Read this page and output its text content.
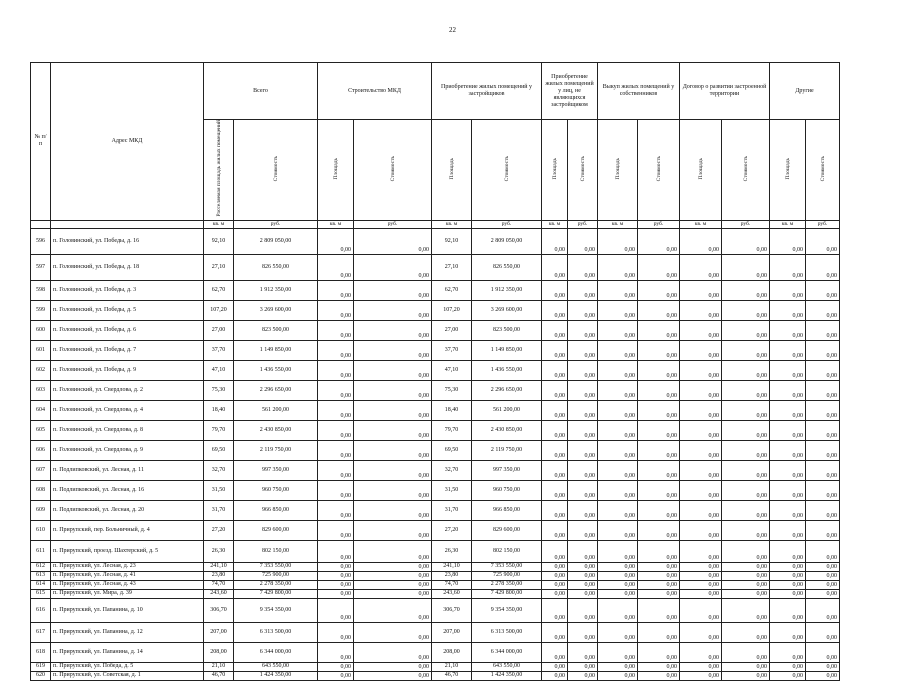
22
№ п/п	Адрес МКД	Всего		Строительство МКД		Приобретение жилых помещений у застройщиков		Приобретение жилых помещений у лиц, не являющихся застройщиком		Выкуп жилых помещений у собственников		Договор о развитии застроенной территории		Другие	
		Расселяемая площадь жилых помещений	Стоимость	Площадь	Стоимость	Площадь	Стоимость	Площадь	Стоимость	Площадь	Стоимость	Площадь	Стоимость	Площадь	Стоимость
		кв. м	руб.	кв. м	руб.	кв. м	руб.	кв. м	руб.	кв. м	руб.	кв. м	руб.	кв. м	руб.
596	п. Головинский, ул. Победы, д. 16	92,10	2 809 050,00	0,00	0,00	92,10	2 809 050,00	0,00	0,00	0,00	0,00	0,00	0,00	0,00	0,00
597	п. Головинский, ул. Победы, д. 18	27,10	826 550,00	0,00	0,00	27,10	826 550,00	0,00	0,00	0,00	0,00	0,00	0,00	0,00	0,00
598	п. Головинский, ул. Победы, д. 3	62,70	1 912 350,00	0,00	0,00	62,70	1 912 350,00	0,00	0,00	0,00	0,00	0,00	0,00	0,00	0,00
599	п. Головинский, ул. Победы, д. 5	107,20	3 269 600,00	0,00	0,00	107,20	3 269 600,00	0,00	0,00	0,00	0,00	0,00	0,00	0,00	0,00
600	п. Головинский, ул. Победы, д. 6	27,00	823 500,00	0,00	0,00	27,00	823 500,00	0,00	0,00	0,00	0,00	0,00	0,00	0,00	0,00
601	п. Головинский, ул. Победы, д. 7	37,70	1 149 850,00	0,00	0,00	37,70	1 149 850,00	0,00	0,00	0,00	0,00	0,00	0,00	0,00	0,00
602	п. Головинский, ул. Победы, д. 9	47,10	1 436 550,00	0,00	0,00	47,10	1 436 550,00	0,00	0,00	0,00	0,00	0,00	0,00	0,00	0,00
603	п. Головинский, ул. Свердлова, д. 2	75,30	2 296 650,00	0,00	0,00	75,30	2 296 650,00	0,00	0,00	0,00	0,00	0,00	0,00	0,00	0,00
604	п. Головинский, ул. Свердлова, д. 4	18,40	561 200,00	0,00	0,00	18,40	561 200,00	0,00	0,00	0,00	0,00	0,00	0,00	0,00	0,00
605	п. Головинский, ул. Свердлова, д. 8	79,70	2 430 850,00	0,00	0,00	79,70	2 430 850,00	0,00	0,00	0,00	0,00	0,00	0,00	0,00	0,00
606	п. Головинский, ул. Свердлова, д. 9	69,50	2 119 750,00	0,00	0,00	69,50	2 119 750,00	0,00	0,00	0,00	0,00	0,00	0,00	0,00	0,00
607	п. Подлипковский, ул. Лесная, д. 11	32,70	997 350,00	0,00	0,00	32,70	997 350,00	0,00	0,00	0,00	0,00	0,00	0,00	0,00	0,00
608	п. Подлипковский, ул. Лесная, д. 16	31,50	960 750,00	0,00	0,00	31,50	960 750,00	0,00	0,00	0,00	0,00	0,00	0,00	0,00	0,00
609	п. Подлипковский, ул. Лесная, д. 20	31,70	966 850,00	0,00	0,00	31,70	966 850,00	0,00	0,00	0,00	0,00	0,00	0,00	0,00	0,00
610	п. Прирупский, пер. Больничный, д. 4	27,20	829 600,00	0,00	0,00	27,20	829 600,00	0,00	0,00	0,00	0,00	0,00	0,00	0,00	0,00
611	п. Прирупский, проезд. Шахтерский, д. 5	26,30	802 150,00	0,00	0,00	26,30	802 150,00	0,00	0,00	0,00	0,00	0,00	0,00	0,00	0,00
612	п. Прирупский, ул. Лесная, д. 23	241,10	7 353 550,00	0,00	0,00	241,10	7 353 550,00	0,00	0,00	0,00	0,00	0,00	0,00	0,00	0,00
613	п. Прирупский, ул. Лесная, д. 41	23,80	725 900,00	0,00	0,00	23,80	725 900,00	0,00	0,00	0,00	0,00	0,00	0,00	0,00	0,00
614	п. Прирупский, ул. Лесная, д. 43	74,70	2 278 350,00	0,00	0,00	74,70	2 278 350,00	0,00	0,00	0,00	0,00	0,00	0,00	0,00	0,00
615	п. Прирупский, ул. Мира, д. 39	243,60	7 429 800,00	0,00	0,00	243,60	7 429 800,00	0,00	0,00	0,00	0,00	0,00	0,00	0,00	0,00
616	п. Прирупский, ул. Папанина, д. 10	306,70	9 354 350,00	0,00	0,00	306,70	9 354 350,00	0,00	0,00	0,00	0,00	0,00	0,00	0,00	0,00
617	п. Прирупский, ул. Папанина, д. 12	207,00	6 313 500,00	0,00	0,00	207,00	6 313 500,00	0,00	0,00	0,00	0,00	0,00	0,00	0,00	0,00
618	п. Прирупский, ул. Папанина, д. 14	208,00	6 344 000,00	0,00	0,00	208,00	6 344 000,00	0,00	0,00	0,00	0,00	0,00	0,00	0,00	0,00
619	п. Прирупский, ул. Победа, д. 5	21,10	643 550,00	0,00	0,00	21,10	643 550,00	0,00	0,00	0,00	0,00	0,00	0,00	0,00	0,00
620	п. Прирупский, ул. Советская, д. 1	46,70	1 424 350,00	0,00	0,00	46,70	1 424 350,00	0,00	0,00	0,00	0,00	0,00	0,00	0,00	0,00
